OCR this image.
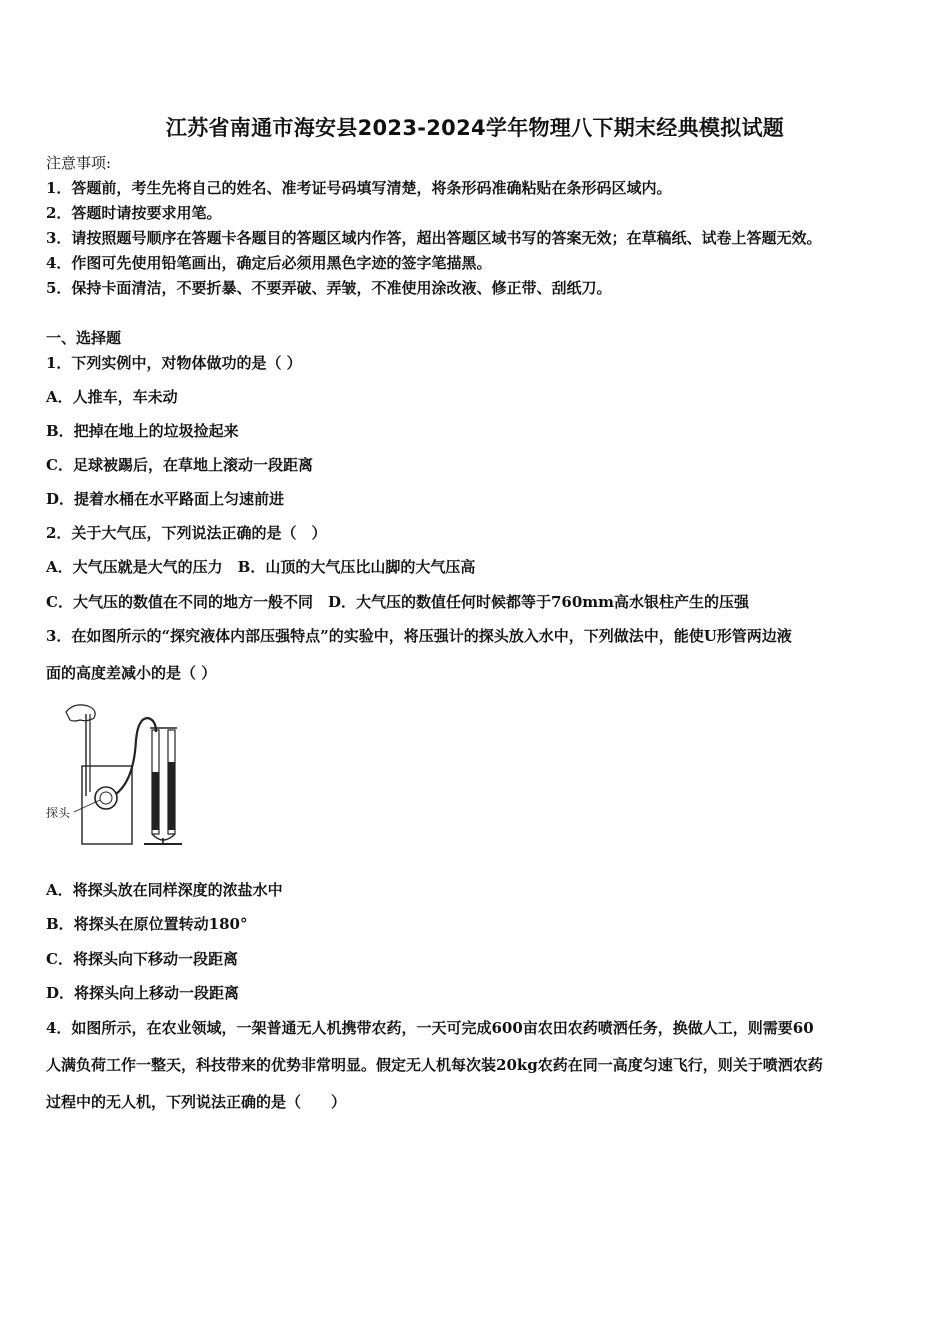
江苏省南通市海安县2023-2024学年物理八下期末经典模拟试题
注意事项:
1．答题前，考生先将自己的姓名、准考证号码填写清楚，将条形码准确粘贴在条形码区域内。
2．答题时请按要求用笔。
3．请按照题号顺序在答题卡各题目的答题区域内作答，超出答题区域书写的答案无效；在草稿纸、试卷上答题无效。
4．作图可先使用铅笔画出，确定后必须用黑色字迹的签字笔描黑。
5．保持卡面清洁，不要折暴、不要弄破、弄皱，不准使用涂改液、修正带、刮纸刀。
一、选择题
1．下列实例中，对物体做功的是（ ）
A．人推车，车未动
B．把掉在地上的垃圾捡起来
C．足球被踢后，在草地上滚动一段距离
D．提着水桶在水平路面上匀速前进
2．关于大气压，下列说法正确的是（　）
A．大气压就是大气的压力　B．山顶的大气压比山脚的大气压高
C．大气压的数值在不同的地方一般不同　D．大气压的数值任何时候都等于760mm高水银柱产生的压强
3．在如图所示的“探究液体内部压强特点”的实验中，将压强计的探头放入水中，下列做法中，能使U形管两边液
面的高度差减小的是（ ）
探头
A．将探头放在同样深度的浓盐水中
B．将探头在原位置转动180°
C．将探头向下移动一段距离
D．将探头向上移动一段距离
4．如图所示，在农业领域，一架普通无人机携带农药，一天可完成600亩农田农药喷洒任务，换做人工，则需要60
人满负荷工作一整天，科技带来的优势非常明显。假定无人机每次装20kg农药在同一高度匀速飞行，则关于喷洒农药
过程中的无人机，下列说法正确的是（　　）
